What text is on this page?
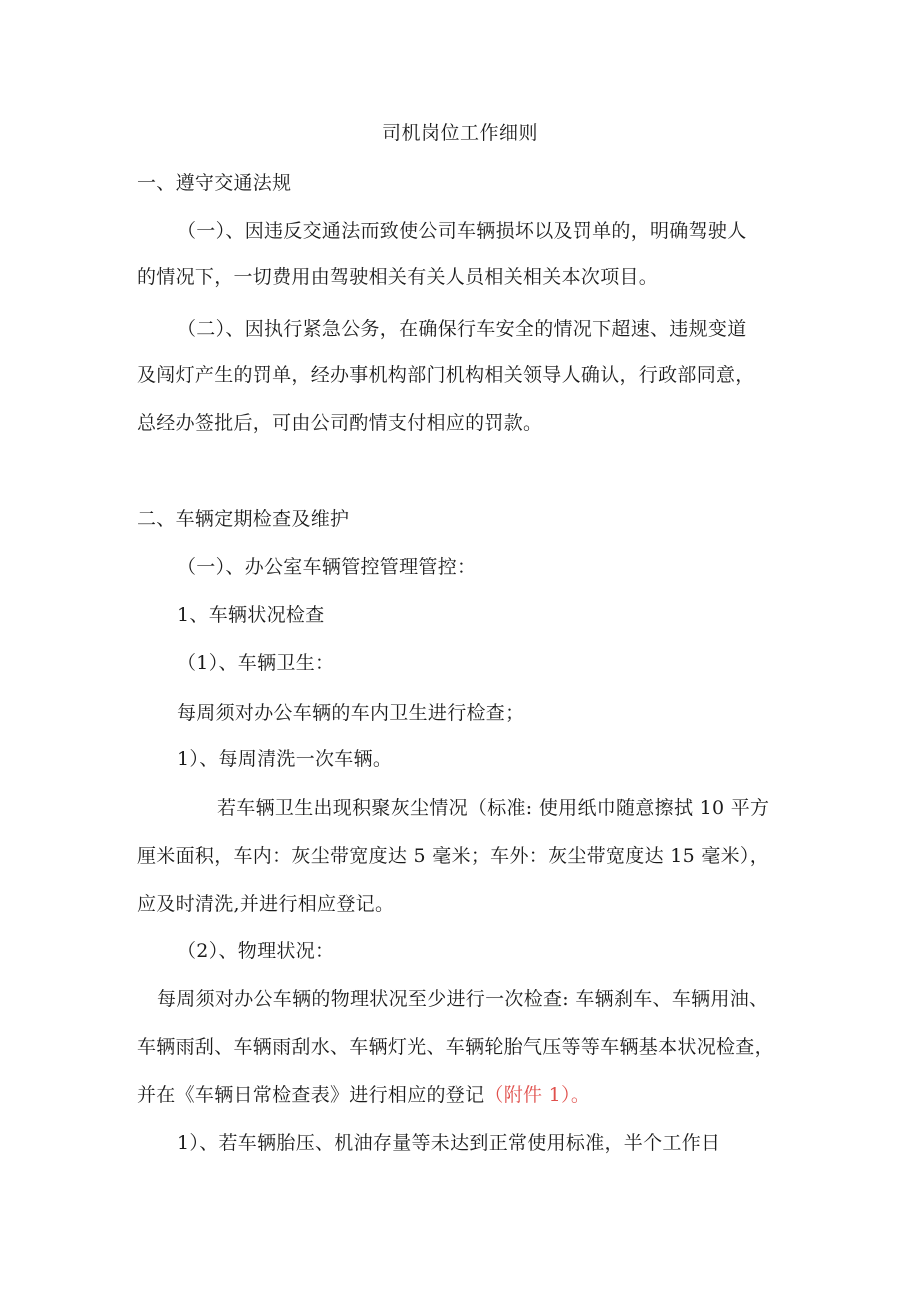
司机岗位工作细则
一、遵守交通法规
（一）、因违反交通法而致使公司车辆损坏以及罚单的，明确驾驶人
的情况下，一切费用由驾驶相关有关人员相关相关本次项目。
（二）、因执行紧急公务，在确保行车安全的情况下超速、违规变道
及闯灯产生的罚单，经办事机构部门机构相关领导人确认，行政部同意，
总经办签批后，可由公司酌情支付相应的罚款。
二、车辆定期检查及维护
（一）、办公室车辆管控管理管控：
1、车辆状况检查
（1）、车辆卫生：
每周须对办公车辆的车内卫生进行检查；
1）、每周清洗一次车辆。
若车辆卫生出现积聚灰尘情况（标准: 使用纸巾随意擦拭 10 平方
厘米面积，车内：灰尘带宽度达 5 毫米；车外：灰尘带宽度达 15 毫米），
应及时清洗,并进行相应登记。
（2）、物理状况：
每周须对办公车辆的物理状况至少进行一次检查: 车辆刹车、车辆用油、
车辆雨刮、车辆雨刮水、车辆灯光、车辆轮胎气压等等车辆基本状况检查，
并在《车辆日常检查表》进行相应的登记（附件 1）。
1）、若车辆胎压、机油存量等未达到正常使用标准，半个工作日
